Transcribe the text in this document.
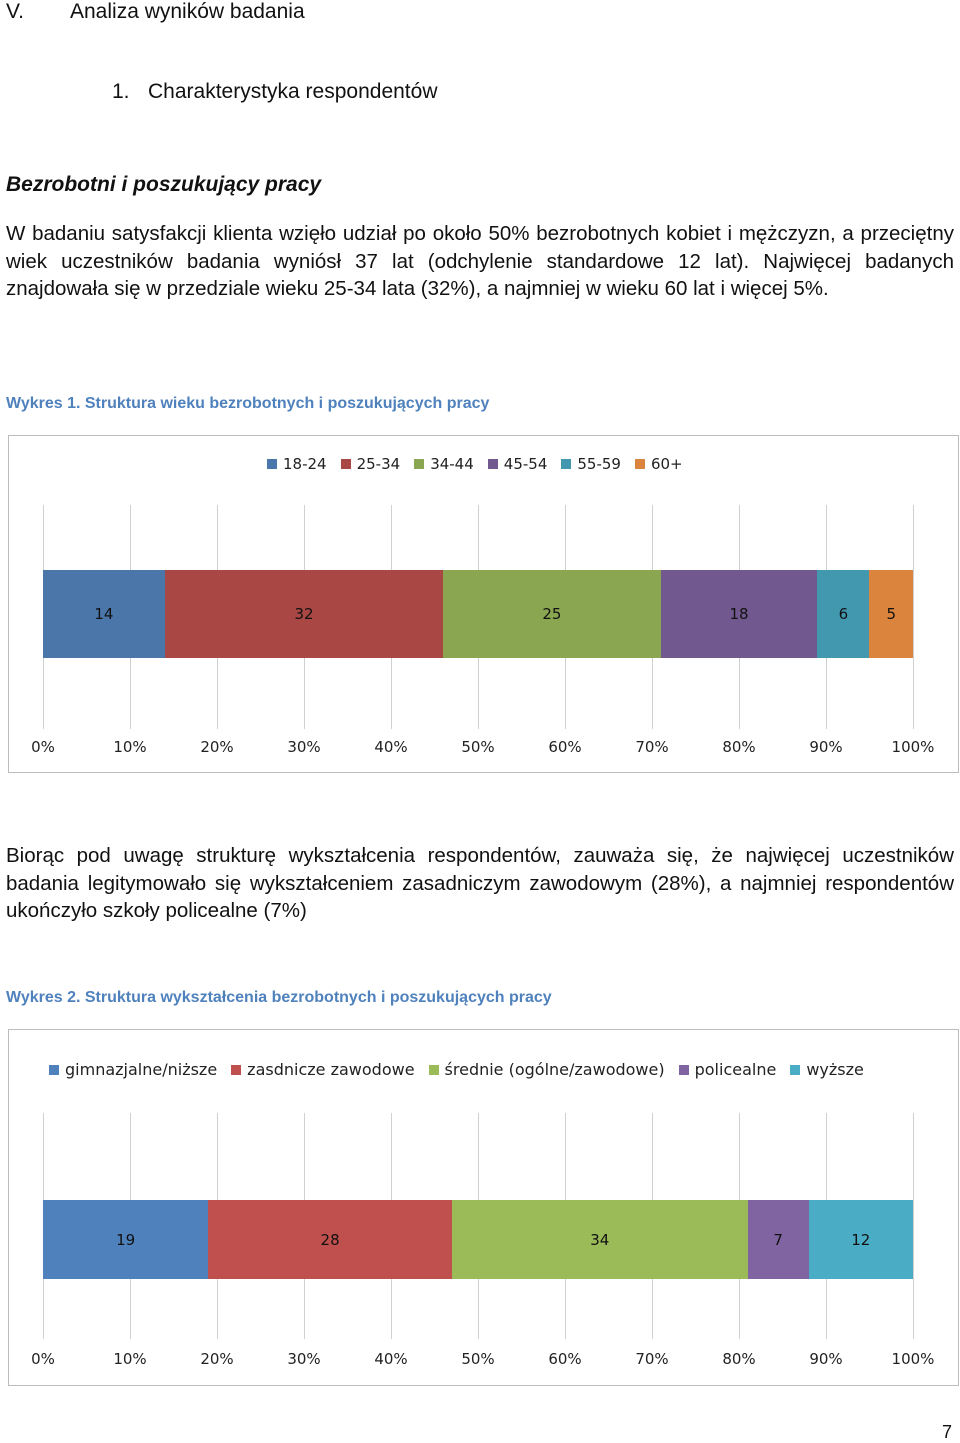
V. Analiza wyników badania
1. Charakterystyka respondentów
Bezrobotni i poszukujący pracy
W badaniu satysfakcji klienta wzięło udział po około 50% bezrobotnych kobiet i mężczyzn, a przeciętny wiek uczestników badania wyniósł 37 lat (odchylenie standardowe 12 lat). Najwięcej badanych znajdowała się w przedziale wieku 25-34 lata (32%), a najmniej w wieku 60 lat i więcej 5%.
Wykres 1. Struktura wieku bezrobotnych i poszukujących pracy
18-24 25-34 34-44 45-54 55-59 60+
14	32	25	18	6	5
0%	10%	20%	30%	40%	50%	60%	70%	80%	90%	100%
Biorąc pod uwagę strukturę wykształcenia respondentów, zauważa się, że najwięcej uczestników badania legitymowało się wykształceniem zasadniczym zawodowym (28%), a najmniej respondentów ukończyło szkoły policealne (7%)
Wykres 2. Struktura wykształcenia bezrobotnych i poszukujących pracy
gimnazjalne/niższe zasdnicze zawodowe średnie (ogólne/zawodowe) policealne wyższe
19	28	34	7	12
0%	10%	20%	30%	40%	50%	60%	70%	80%	90%	100%
7
